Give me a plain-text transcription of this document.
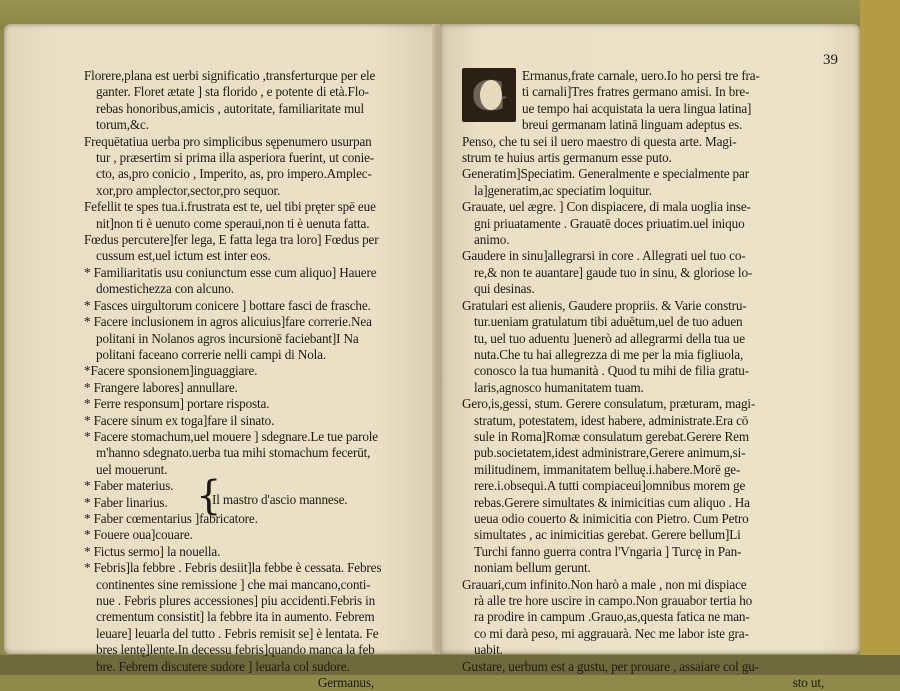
Florere,plana est uerbi significatio ,transferturque per ele
ganter. Floret ætate ] sta florido , e potente di età.Flo-
rebas honoribus,amicis , autoritate, familiaritate mul
torum,&c.
Frequētatiua uerba pro simplicibus sępenumero usurpan
tur , præsertim si prima illa asperiora fuerint, ut conie-
cto, as,pro conicio , Imperito, as, pro impero.Amplec-
xor,pro amplector,sector,pro sequor.
Fefellit te spes tua.i.frustrata est te, uel tibi pręter spē eue
nit]non ti è uenuto come speraui,non ti è uenuta fatta.
Fœdus percutere]fer lega, E fatta lega tra loro] Fœdus per
cussum est,uel ictum est inter eos.
* Familiaritatis usu coniunctum esse cum aliquo] Hauere
domestichezza con alcuno.
* Fasces uirgultorum conicere ] bottare fasci de frasche.
* Facere inclusionem in agros alicuius]fare correrie.Nea
politani in Nolanos agros incursionē faciebant]I Na
politani faceano correrie nelli campi di Nola.
*Facere sponsionem]inguaggiare.
* Frangere labores] annullare.
* Ferre responsum] portare risposta.
* Facere sinum ex toga]fare il sinato.
* Facere stomachum,uel mouere ] sdegnare.Le tue parole
m'hanno sdegnato.uerba tua mihi stomachum fecerūt,
uel mouerunt.
* Faber materius.
* Faber linarius. {
Il mastro d'ascio mannese.
* Faber cœmentarius ]fabricatore.
* Fouere oua]couare.
* Fictus sermo] la nouella.
* Febris]la febbre . Febris desiit]la febbe è cessata. Febres
continentes sine remissione ] che mai mancano,conti-
nue . Febris plures accessiones] piu accidenti.Febris in
crementum consistit] la febbre ita in aumento. Febrem
leuare] leuarla del tutto . Febris remisit se] è lentata. Fe
bres lentę]lente.In decessu febris]quando manca la feb
bre. Febrem discutere sudore ] leuarla col sudore.
Germanus,
39
G	Ermanus,frate carnale, uero.Io ho persi tre fra-
ti carnali]Tres fratres germano amisi. In bre-
ue tempo hai acquistata la uera lingua latina]
breui germanam latinā linguam adeptus es.
Penso, che tu sei il uero maestro di questa arte. Magi-
strum te huius artis germanum esse puto.
Generatim]Speciatim. Generalmente e specialmente par
la]generatim,ac speciatim loquitur.
Grauate, uel ægre. ] Con dispiacere, di mala uoglia inse-
gni priuatamente . Grauatē doces priuatim.uel iniquo
animo.
Gaudere in sinu]allegrarsi in core . Allegrati uel tuo co-
re,& non te auantare] gaude tuo in sinu, & gloriose lo-
qui desinas.
Gratulari est alienis, Gaudere propriis. & Varie constru-
tur.ueniam gratulatum tibi aduētum,uel de tuo aduen
tu, uel tuo aduentu ]uenerò ad allegrarmi della tua ue
nuta.Che tu hai allegrezza di me per la mia figliuola,
conosco la tua humanità . Quod tu mihi de filia gratu-
laris,agnosco humanitatem tuam.
Gero,is,gessi, stum. Gerere consulatum, præturam, magi-
stratum, potestatem, idest habere, administrate.Era cō
sule in Roma]Romæ consulatum gerebat.Gerere Rem
pub.societatem,idest administrare,Gerere animum,si-
militudinem, immanitatem belluę.i.habere.Morē ge-
rere.i.obsequi.A tutti compiaceui]omnibus morem ge
rebas.Gerere simultates & inimicitias cum aliquo . Ha
ueua odio couerto & inimicitia con Pietro. Cum Petro
simultates , ac inimicitias gerebat. Gerere bellum]Li
Turchi fanno guerra contra l'Vngaria ] Turcę in Pan-
noniam bellum gerunt.
Grauari,cum infinito.Non harò a male , non mi dispiace
rà alle tre hore uscire in campo.Non grauabor tertia ho
ra prodire in campum .Grauo,as,questa fatica ne man-
co mi darà peso, mi aggrauarà. Nec me labor iste gra-
uabit.
Gustare, uerbum est a gustu, per prouare , assaiare col gu-
sto ut,
